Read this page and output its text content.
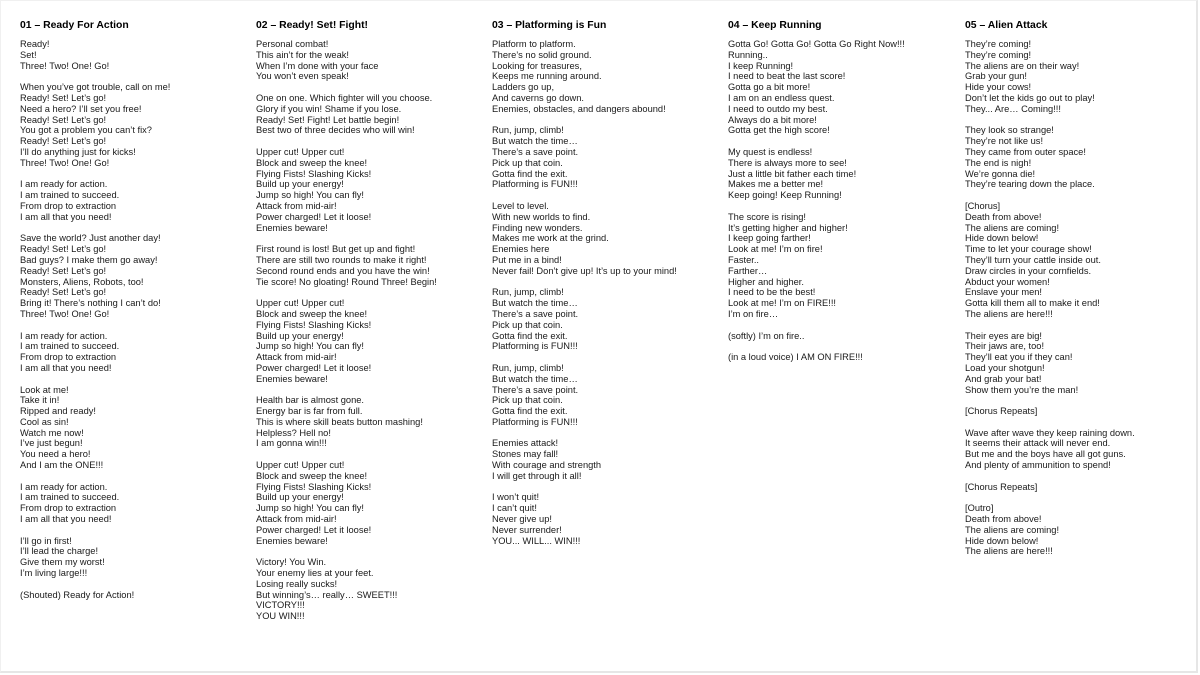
01 – Ready For Action
Ready!
Set!
Three! Two! One! Go!
When you’ve got trouble, call on me!
Ready! Set! Let’s go!
Need a hero? I’ll set you free!
Ready! Set! Let’s go!
You got a problem you can’t fix?
Ready! Set! Let’s go!
I’ll do anything just for kicks!
Three! Two! One! Go!
I am ready for action.
I am trained to succeed.
From drop to extraction
I am all that you need!
Save the world? Just another day!
Ready! Set! Let’s go!
Bad guys? I make them go away!
Ready! Set! Let’s go!
Monsters, Aliens, Robots, too!
Ready! Set! Let’s go!
Bring it! There’s nothing I can’t do!
Three! Two! One! Go!
I am ready for action.
I am trained to succeed.
From drop to extraction
I am all that you need!
Look at me!
Take it in!
Ripped and ready!
Cool as sin!
Watch me now!
I’ve just begun!
You need a hero!
And I am the ONE!!!
I am ready for action.
I am trained to succeed.
From drop to extraction
I am all that you need!
I’ll go in first!
I’ll lead the charge!
Give them my worst!
I’m living large!!!
(Shouted) Ready for Action!
02 – Ready! Set! Fight!
Personal combat!
This ain’t for the weak!
When I’m done with your face
You won’t even speak!
One on one. Which fighter will you choose.
Glory if you win! Shame if you lose.
Ready! Set! Fight! Let battle begin!
Best two of three decides who will win!
Upper cut! Upper cut!
Block and sweep the knee!
Flying Fists! Slashing Kicks!
Build up your energy!
Jump so high! You can fly!
Attack from mid-air!
Power charged! Let it loose!
Enemies beware!
First round is lost! But get up and fight!
There are still two rounds to make it right!
Second round ends and you have the win!
Tie score! No gloating! Round Three! Begin!
Upper cut! Upper cut!
Block and sweep the knee!
Flying Fists! Slashing Kicks!
Build up your energy!
Jump so high! You can fly!
Attack from mid-air!
Power charged! Let it loose!
Enemies beware!
Health bar is almost gone.
Energy bar is far from full.
This is where skill beats button mashing!
Helpless? Hell no!
I am gonna win!!!
Upper cut! Upper cut!
Block and sweep the knee!
Flying Fists! Slashing Kicks!
Build up your energy!
Jump so high! You can fly!
Attack from mid-air!
Power charged! Let it loose!
Enemies beware!
Victory! You Win.
Your enemy lies at your feet.
Losing really sucks!
But winning’s… really… SWEET!!!
VICTORY!!!
YOU WIN!!!
03 – Platforming is Fun
Platform to platform.
There’s no solid ground.
Looking for treasures,
Keeps me running around.
Ladders go up,
And caverns go down.
Enemies, obstacles, and dangers abound!
Run, jump, climb!
But watch the time…
There’s a save point.
Pick up that coin.
Gotta find the exit.
Platforming is FUN!!!
Level to level.
With new worlds to find.
Finding new wonders.
Makes me work at the grind.
Enemies here
Put me in a bind!
Never fail! Don’t give up! It’s up to your mind!
Run, jump, climb!
But watch the time…
There’s a save point.
Pick up that coin.
Gotta find the exit.
Platforming is FUN!!!
Run, jump, climb!
But watch the time…
There’s a save point.
Pick up that coin.
Gotta find the exit.
Platforming is FUN!!!
Enemies attack!
Stones may fall!
With courage and strength
I will get through it all!
I won’t quit!
I can’t quit!
Never give up!
Never surrender!
YOU... WILL... WIN!!!
04 – Keep Running
Gotta Go! Gotta Go! Gotta Go Right Now!!!
Running..
I keep Running!
I need to beat the last score!
Gotta go a bit more!
I am on an endless quest.
I need to outdo my best.
Always do a bit more!
Gotta get the high score!
My quest is endless!
There is always more to see!
Just a little bit father each time!
Makes me a better me!
Keep going! Keep Running!
The score is rising!
It’s getting higher and higher!
I keep going farther!
Look at me! I’m on fire!
Faster..
Farther…
Higher and higher.
I need to be the best!
Look at me! I’m on FIRE!!!
I’m on fire…
(softly) I’m on fire..
(in a loud voice) I AM ON FIRE!!!
05 – Alien Attack
They’re coming!
They’re coming!
The aliens are on their way!
Grab your gun!
Hide your cows!
Don’t let the kids go out to play!
They... Are… Coming!!!
They look so strange!
They’re not like us!
They came from outer space!
The end is nigh!
We’re gonna die!
They’re tearing down the place.
[Chorus]
Death from above!
The aliens are coming!
Hide down below!
Time to let your courage show!
They’ll turn your cattle inside out.
Draw circles in your cornfields.
Abduct your women!
Enslave your men!
Gotta kill them all to make it end!
The aliens are here!!!
Their eyes are big!
Their jaws are, too!
They’ll eat you if they can!
Load your shotgun!
And grab your bat!
Show them you’re the man!
[Chorus Repeats]
Wave after wave they keep raining down.
It seems their attack will never end.
But me and the boys have all got guns.
And plenty of ammunition to spend!
[Chorus Repeats]
[Outro]
Death from above!
The aliens are coming!
Hide down below!
The aliens are here!!!
